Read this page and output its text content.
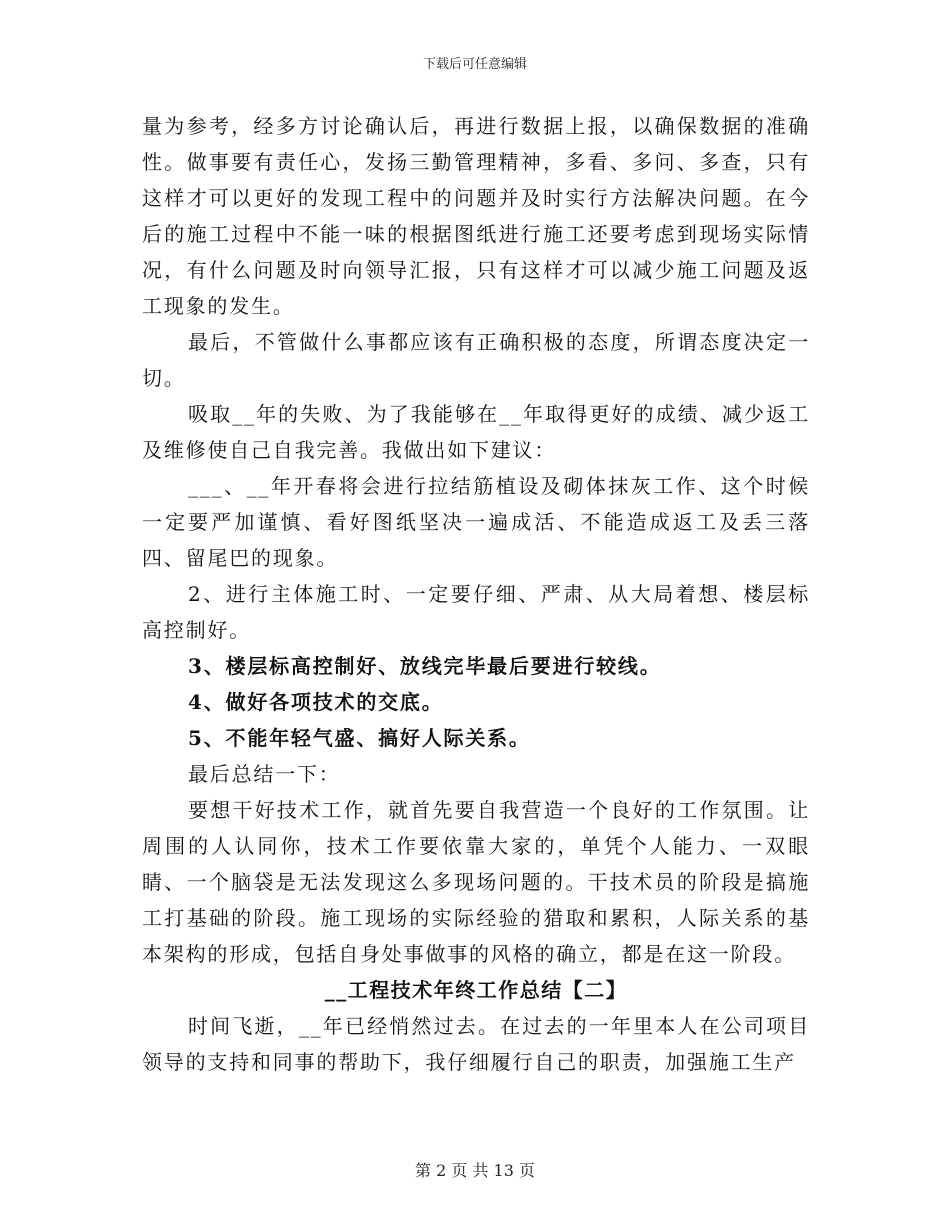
下载后可任意编辑

量为参考，经多方讨论确认后，再进行数据上报，以确保数据的准确性。做事要有责任心，发扬三勤管理精神，多看、多问、多查，只有这样才可以更好的发现工程中的问题并及时实行方法解决问题。在今后的施工过程中不能一味的根据图纸进行施工还要考虑到现场实际情况，有什么问题及时向领导汇报，只有这样才可以减少施工问题及返工现象的发生。

最后，不管做什么事都应该有正确积极的态度，所谓态度决定一切。

吸取__年的失败、为了我能够在__年取得更好的成绩、减少返工及维修使自己自我完善。我做出如下建议：

___、__年开春将会进行拉结筋植设及砌体抹灰工作、这个时候一定要严加谨慎、看好图纸坚决一遍成活、不能造成返工及丢三落四、留尾巴的现象。

2、进行主体施工时、一定要仔细、严肃、从大局着想、楼层标高控制好。

3、楼层标高控制好、放线完毕最后要进行较线。

4、做好各项技术的交底。

5、不能年轻气盛、搞好人际关系。

最后总结一下：

要想干好技术工作，就首先要自我营造一个良好的工作氛围。让周围的人认同你，技术工作要依靠大家的，单凭个人能力、一双眼睛、一个脑袋是无法发现这么多现场问题的。干技术员的阶段是搞施工打基础的阶段。施工现场的实际经验的猎取和累积，人际关系的基本架构的形成，包括自身处事做事的风格的确立，都是在这一阶段。

__工程技术年终工作总结【二】

时间飞逝，__年已经悄然过去。在过去的一年里本人在公司项目领导的支持和同事的帮助下，我仔细履行自己的职责，加强施工生产

第 2 页 共 13 页
